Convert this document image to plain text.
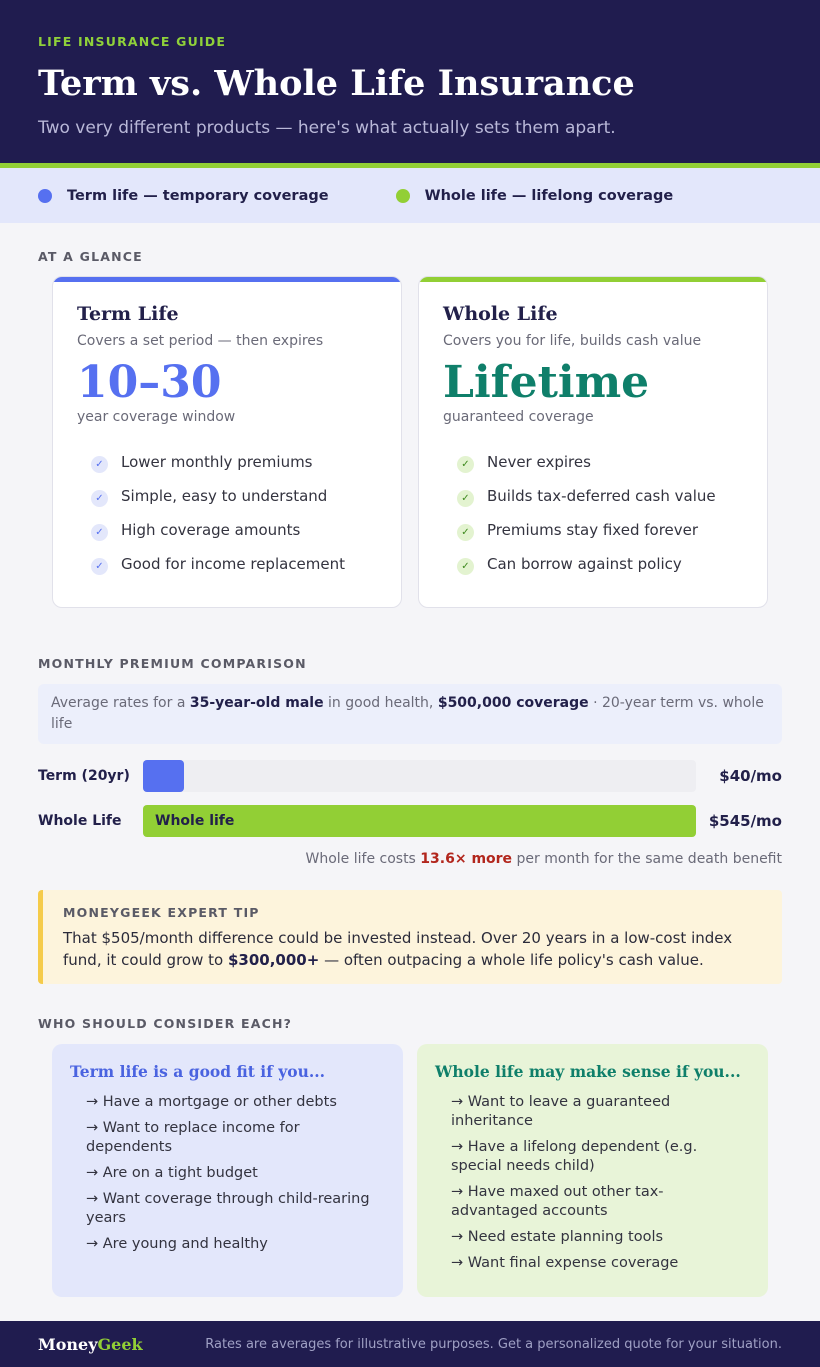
LIFE INSURANCE GUIDE
Term vs. Whole Life Insurance
Two very different products — here's what actually sets them apart.
Term life — temporary coverage	Whole life — lifelong coverage
AT A GLANCE
Term Life
Covers a set period — then expires
10–30
year coverage window
✓ Lower monthly premiums
✓ Simple, easy to understand
✓ High coverage amounts
✓ Good for income replacement
Whole Life
Covers you for life, builds cash value
Lifetime
guaranteed coverage
✓ Never expires
✓ Builds tax-deferred cash value
✓ Premiums stay fixed forever
✓ Can borrow against policy
MONTHLY PREMIUM COMPARISON
Average rates for a 35-year-old male in good health, $500,000 coverage · 20-year term vs. whole life
Term (20yr)	$40/mo
Whole Life	Whole life	$545/mo
Whole life costs 13.6× more per month for the same death benefit
MONEYGEEK EXPERT TIP
That $505/month difference could be invested instead. Over 20 years in a low-cost index fund, it could grow to $300,000+ — often outpacing a whole life policy's cash value.
WHO SHOULD CONSIDER EACH?
Term life is a good fit if you...
→ Have a mortgage or other debts
→ Want to replace income for dependents
→ Are on a tight budget
→ Want coverage through child-rearing years
→ Are young and healthy
Whole life may make sense if you...
→ Want to leave a guaranteed inheritance
→ Have a lifelong dependent (e.g. special needs child)
→ Have maxed out other tax-advantaged accounts
→ Need estate planning tools
→ Want final expense coverage
MoneyGeek	Rates are averages for illustrative purposes. Get a personalized quote for your situation.
